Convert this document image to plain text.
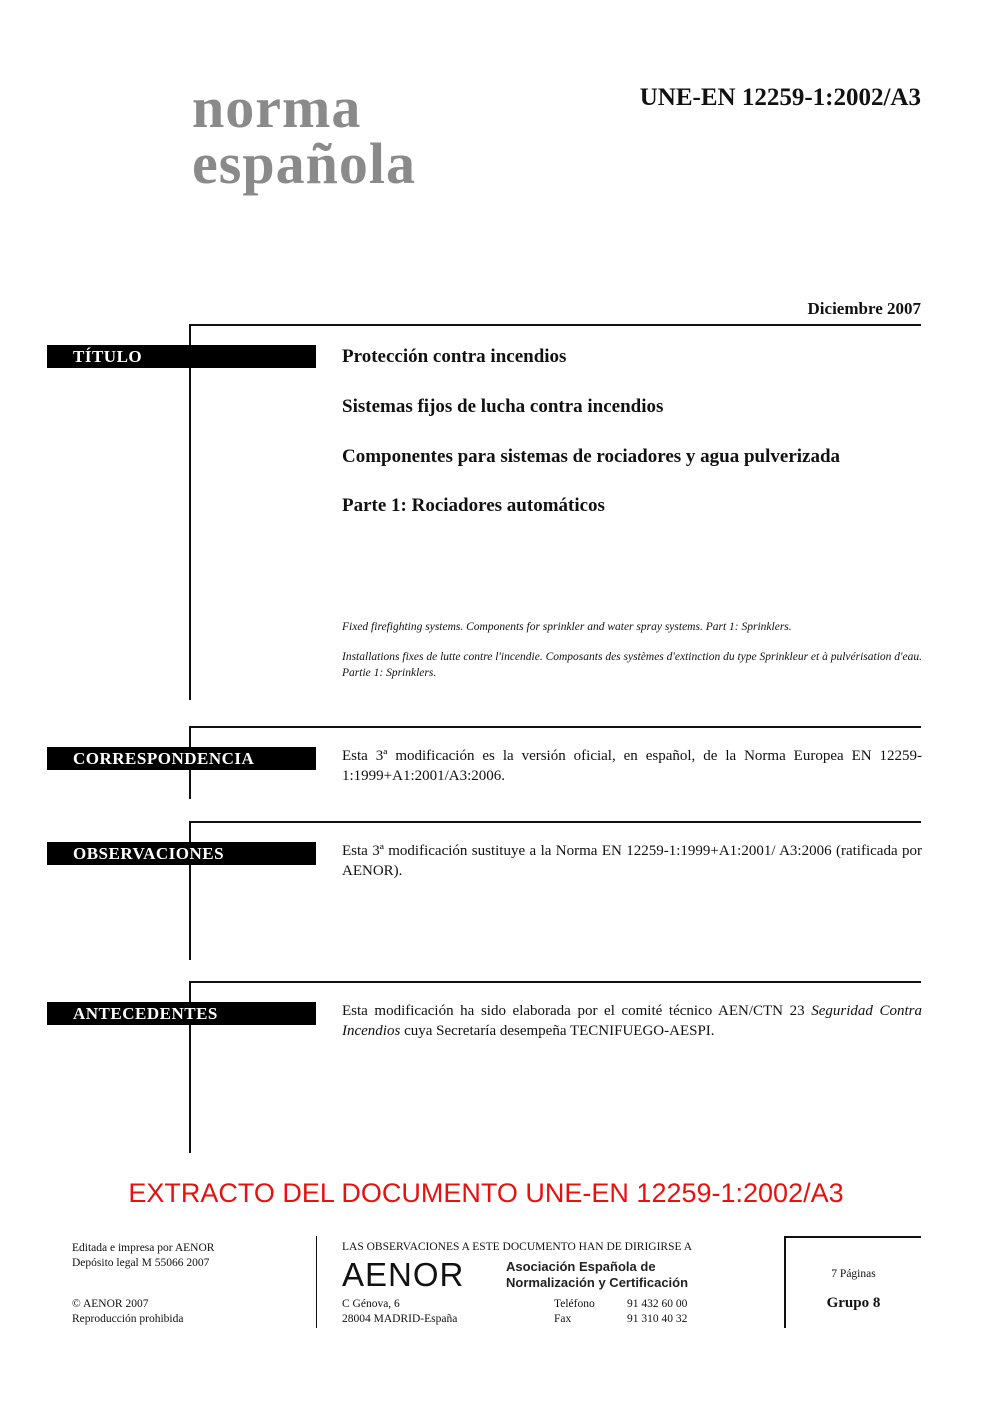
norma
española
UNE-EN 12259-1:2002/A3
Diciembre 2007
TÍTULO	Protección contra incendios
Sistemas fijos de lucha contra incendios
Componentes para sistemas de rociadores y agua pulverizada
Parte 1: Rociadores automáticos
Fixed firefighting systems. Components for sprinkler and water spray systems. Part 1: Sprinklers.
Installations fixes de lutte contre l'incendie. Composants des systèmes d'extinction du type Sprinkleur et à pulvérisation d'eau. Partie 1: Sprinklers.
CORRESPONDENCIA	Esta 3ª modificación es la versión oficial, en español, de la Norma Europea EN 12259-1:1999+A1:2001/A3:2006.
OBSERVACIONES	Esta 3ª modificación sustituye a la Norma EN 12259-1:1999+A1:2001/ A3:2006 (ratificada por AENOR).
ANTECEDENTES	Esta modificación ha sido elaborada por el comité técnico AEN/CTN 23 Seguridad Contra Incendios cuya Secretaría desempeña TECNIFUEGO-AESPI.
EXTRACTO DEL DOCUMENTO UNE-EN 12259-1:2002/A3
Editada e impresa por AENOR
Depósito legal M 55066 2007
© AENOR 2007
Reproducción prohibida
LAS OBSERVACIONES A ESTE DOCUMENTO HAN DE DIRIGIRSE A
AENOR	Asociación Española de
Normalización y Certificación
C Génova, 6
28004 MADRID-España
Teléfono	91 432 60 00
Fax	91 310 40 32
7 Páginas
Grupo 8
